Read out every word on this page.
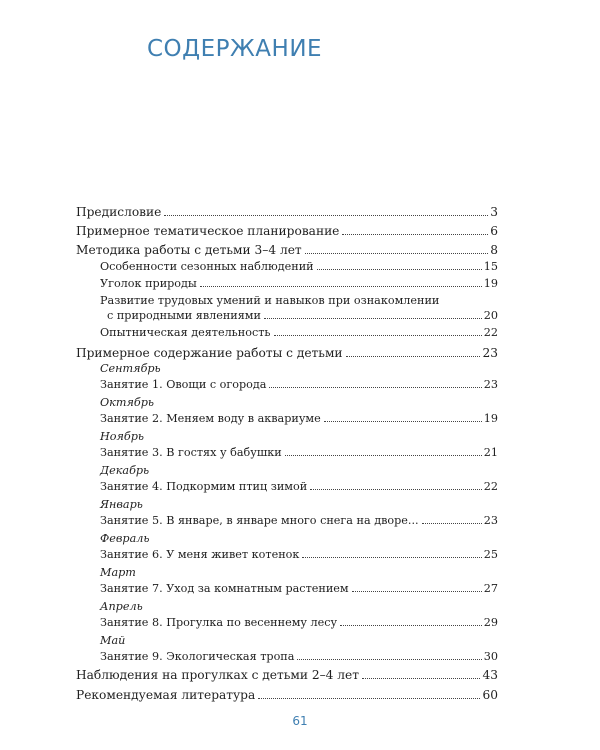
СОДЕРЖАНИЕ
Предисловие	3
Примерное тематическое планирование	6
Методика работы с детьми 3–4 лет	8
Особенности сезонных наблюдений	15
Уголок природы	19
Развитие трудовых умений и навыков при ознакомлении
с природными явлениями	20
Опытническая деятельность	22
Примерное содержание работы с детьми	23
Сентябрь
Занятие 1. Овощи с огорода	23
Октябрь
Занятие 2. Меняем воду в аквариуме	19
Ноябрь
Занятие 3. В гостях у бабушки	21
Декабрь
Занятие 4. Подкормим птиц зимой	22
Январь
Занятие 5. В январе, в январе много снега на дворе...	23
Февраль
Занятие 6. У меня живет котенок	25
Март
Занятие 7. Уход за комнатным растением	27
Апрель
Занятие 8. Прогулка по весеннему лесу	29
Май
Занятие 9. Экологическая тропа	30
Наблюдения на прогулках с детьми 2–4 лет	43
Рекомендуемая литература	60
61
